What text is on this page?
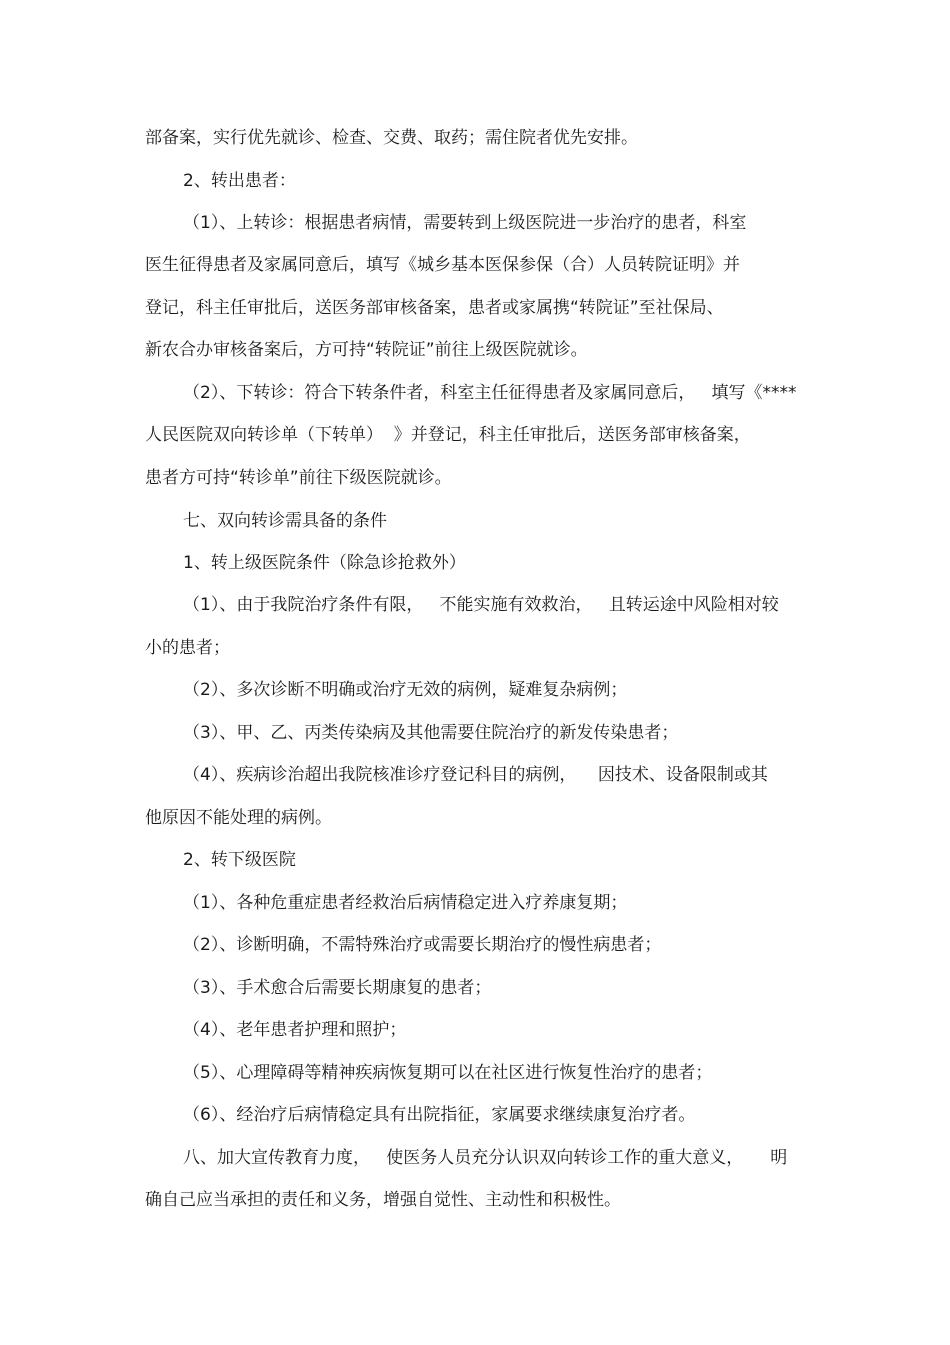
部备案，实行优先就诊、检查、交费、取药；需住院者优先安排。
2、转出患者：
（1）、上转诊：根据患者病情，需要转到上级医院进一步治疗的患者，科室
医生征得患者及家属同意后，填写《城乡基本医保参保（合）人员转院证明》并
登记，科主任审批后，送医务部审核备案，患者或家属携“转院证”至社保局、
新农合办审核备案后，方可持“转院证”前往上级医院就诊。
（2）、下转诊：符合下转条件者，科室主任征得患者及家属同意后，   填写《****
人民医院双向转诊单（下转单）  》并登记，科主任审批后，送医务部审核备案，
患者方可持“转诊单”前往下级医院就诊。
七、双向转诊需具备的条件
1、转上级医院条件（除急诊抢救外）
（1）、由于我院治疗条件有限，   不能实施有效救治，   且转运途中风险相对较
小的患者；
（2）、多次诊断不明确或治疗无效的病例，疑难复杂病例；
（3）、甲、乙、丙类传染病及其他需要住院治疗的新发传染患者；
（4）、疾病诊治超出我院核准诊疗登记科目的病例，    因技术、设备限制或其
他原因不能处理的病例。
2、转下级医院
（1）、各种危重症患者经救治后病情稳定进入疗养康复期；
（2）、诊断明确，不需特殊治疗或需要长期治疗的慢性病患者；
（3）、手术愈合后需要长期康复的患者；
（4）、老年患者护理和照护；
（5）、心理障碍等精神疾病恢复期可以在社区进行恢复性治疗的患者；
（6）、经治疗后病情稳定具有出院指征，家属要求继续康复治疗者。
八、加大宣传教育力度，   使医务人员充分认识双向转诊工作的重大意义，     明
确自己应当承担的责任和义务，增强自觉性、主动性和积极性。
